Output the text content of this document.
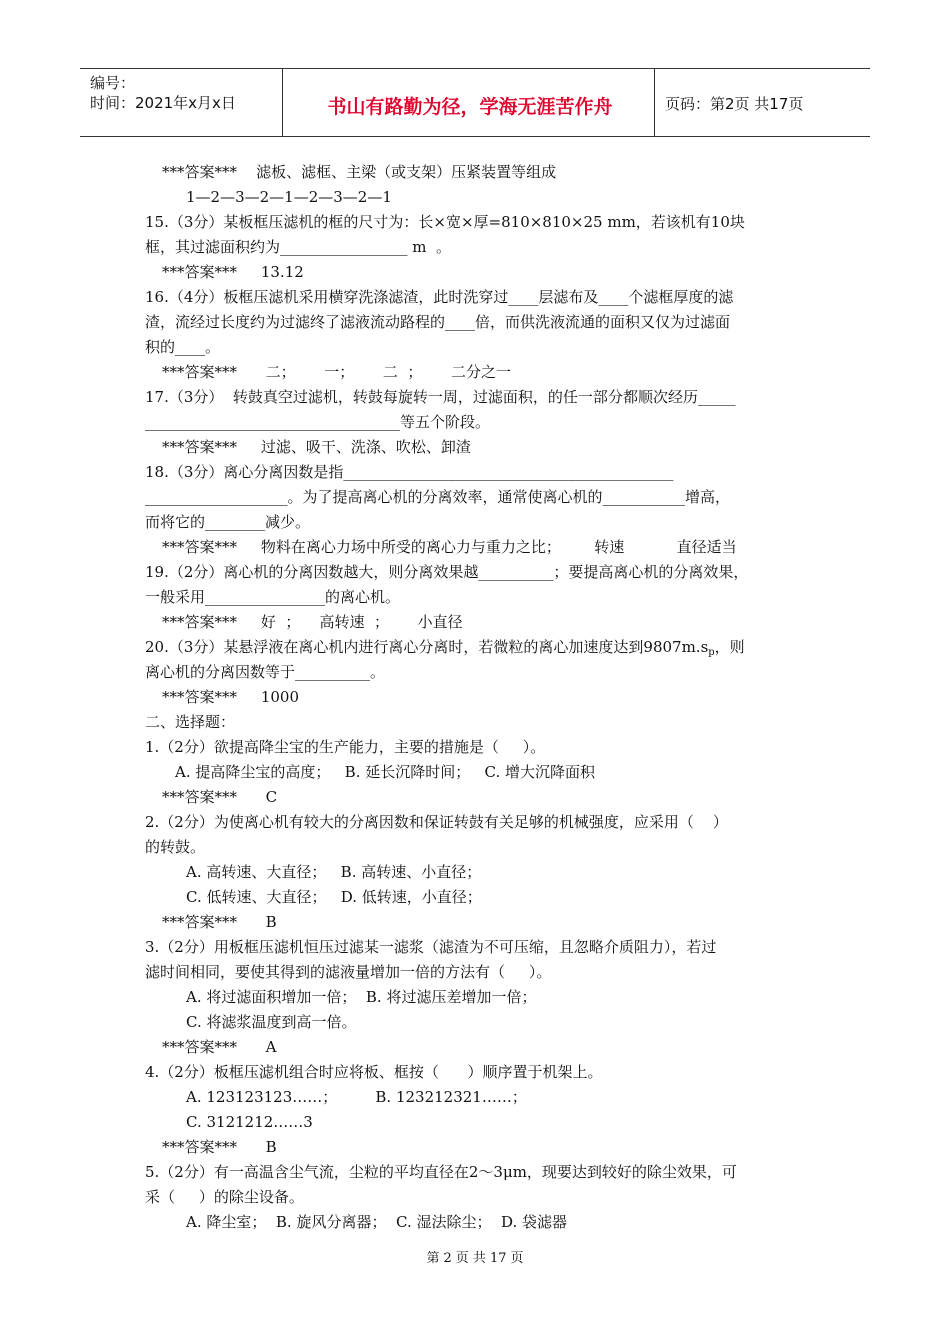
编号：
时间：2021年x月x日	书山有路勤为径，学海无涯苦作舟	页码：第2页 共17页
***答案***    滤板、滤框、主梁（或支架）压紧装置等组成
1—2—3—2—1—2—3—2—1
15.（3分）某板框压滤机的框的尺寸为：长×宽×厚=810×810×25 mm，若该机有10块
框，其过滤面积约为_________________ m  。
***答案***     13.12
16.（4分）板框压滤机采用横穿洗涤滤渣，此时洗穿过____层滤布及____个滤框厚度的滤
渣，流经过长度约为过滤终了滤液流动路程的____倍，而供洗液流通的面积又仅为过滤面
积的____。
***答案***      二；      一；      二  ；      二分之一
17.（3分）  转鼓真空过滤机，转鼓每旋转一周，过滤面积，的任一部分都顺次经历_____
__________________________________等五个阶段。
***答案***     过滤、吸干、洗涤、吹松、卸渣
18.（3分）离心分离因数是指____________________________________________
___________________。为了提高离心机的分离效率，通常使离心机的___________增高，
而将它的________减少。
***答案***     物料在离心力场中所受的离心力与重力之比；       转速           直径适当
19.（2分）离心机的分离因数越大，则分离效果越__________；要提高离心机的分离效果，
一般采用________________的离心机。
***答案***     好  ；    高转速  ；      小直径
20.（3分）某悬浮液在离心机内进行离心分离时，若微粒的离心加速度达到$9807m.s_p$，则
离心机的分离因数等于__________。
***答案***     1000
二、选择题：
1.（2分）欲提高降尘宝的生产能力，主要的措施是（     ）。
A. 提高降尘宝的高度；   B. 延长沉降时间；   C. 增大沉降面积
***答案***      C
2.（2分）为使离心机有较大的分离因数和保证转鼓有关足够的机械强度，应采用（    ）
的转鼓。
A. 高转速、大直径；   B. 高转速、小直径；
C. 低转速、大直径；   D. 低转速，小直径；
***答案***      B
3.（2分）用板框压滤机恒压过滤某一滤浆（滤渣为不可压缩，且忽略介质阻力），若过
滤时间相同，要使其得到的滤液量增加一倍的方法有（     ）。
A. 将过滤面积增加一倍；  B. 将过滤压差增加一倍；
C. 将滤浆温度到高一倍。
***答案***      A
4.（2分）板框压滤机组合时应将板、框按（      ）顺序置于机架上。
A. 123123123……；        B. 123212321……；
C. 3121212……3
***答案***      B
5.（2分）有一高温含尘气流，尘粒的平均直径在2～3μm，现要达到较好的除尘效果，可
采（     ）的除尘设备。
A. 降尘室；  B. 旋风分离器；  C. 湿法除尘；  D. 袋滤器
第 2 页 共 17 页
